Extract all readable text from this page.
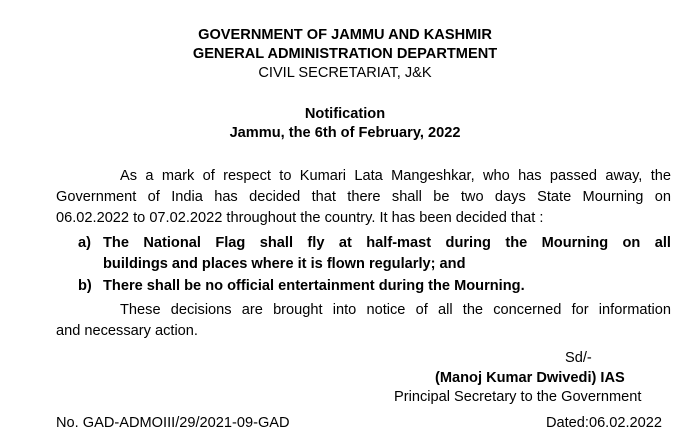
GOVERNMENT OF JAMMU AND KASHMIR
GENERAL ADMINISTRATION DEPARTMENT
CIVIL SECRETARIAT, J&K
Notification
Jammu, the 6th of February, 2022
As a mark of respect to Kumari Lata Mangeshkar, who has passed away, the
Government of India has decided that there shall be two days State Mourning on
06.02.2022 to 07.02.2022 throughout the country. It has been decided that :
a) The National Flag shall fly at half-mast during the Mourning on all
buildings and places where it is flown regularly; and
b) There shall be no official entertainment during the Mourning.
These decisions are brought into notice of all the concerned for information
and necessary action.
Sd/-
(Manoj Kumar Dwivedi) IAS
Principal Secretary to the Government
No. GAD-ADMOIII/29/2021-09-GAD	Dated:06.02.2022
